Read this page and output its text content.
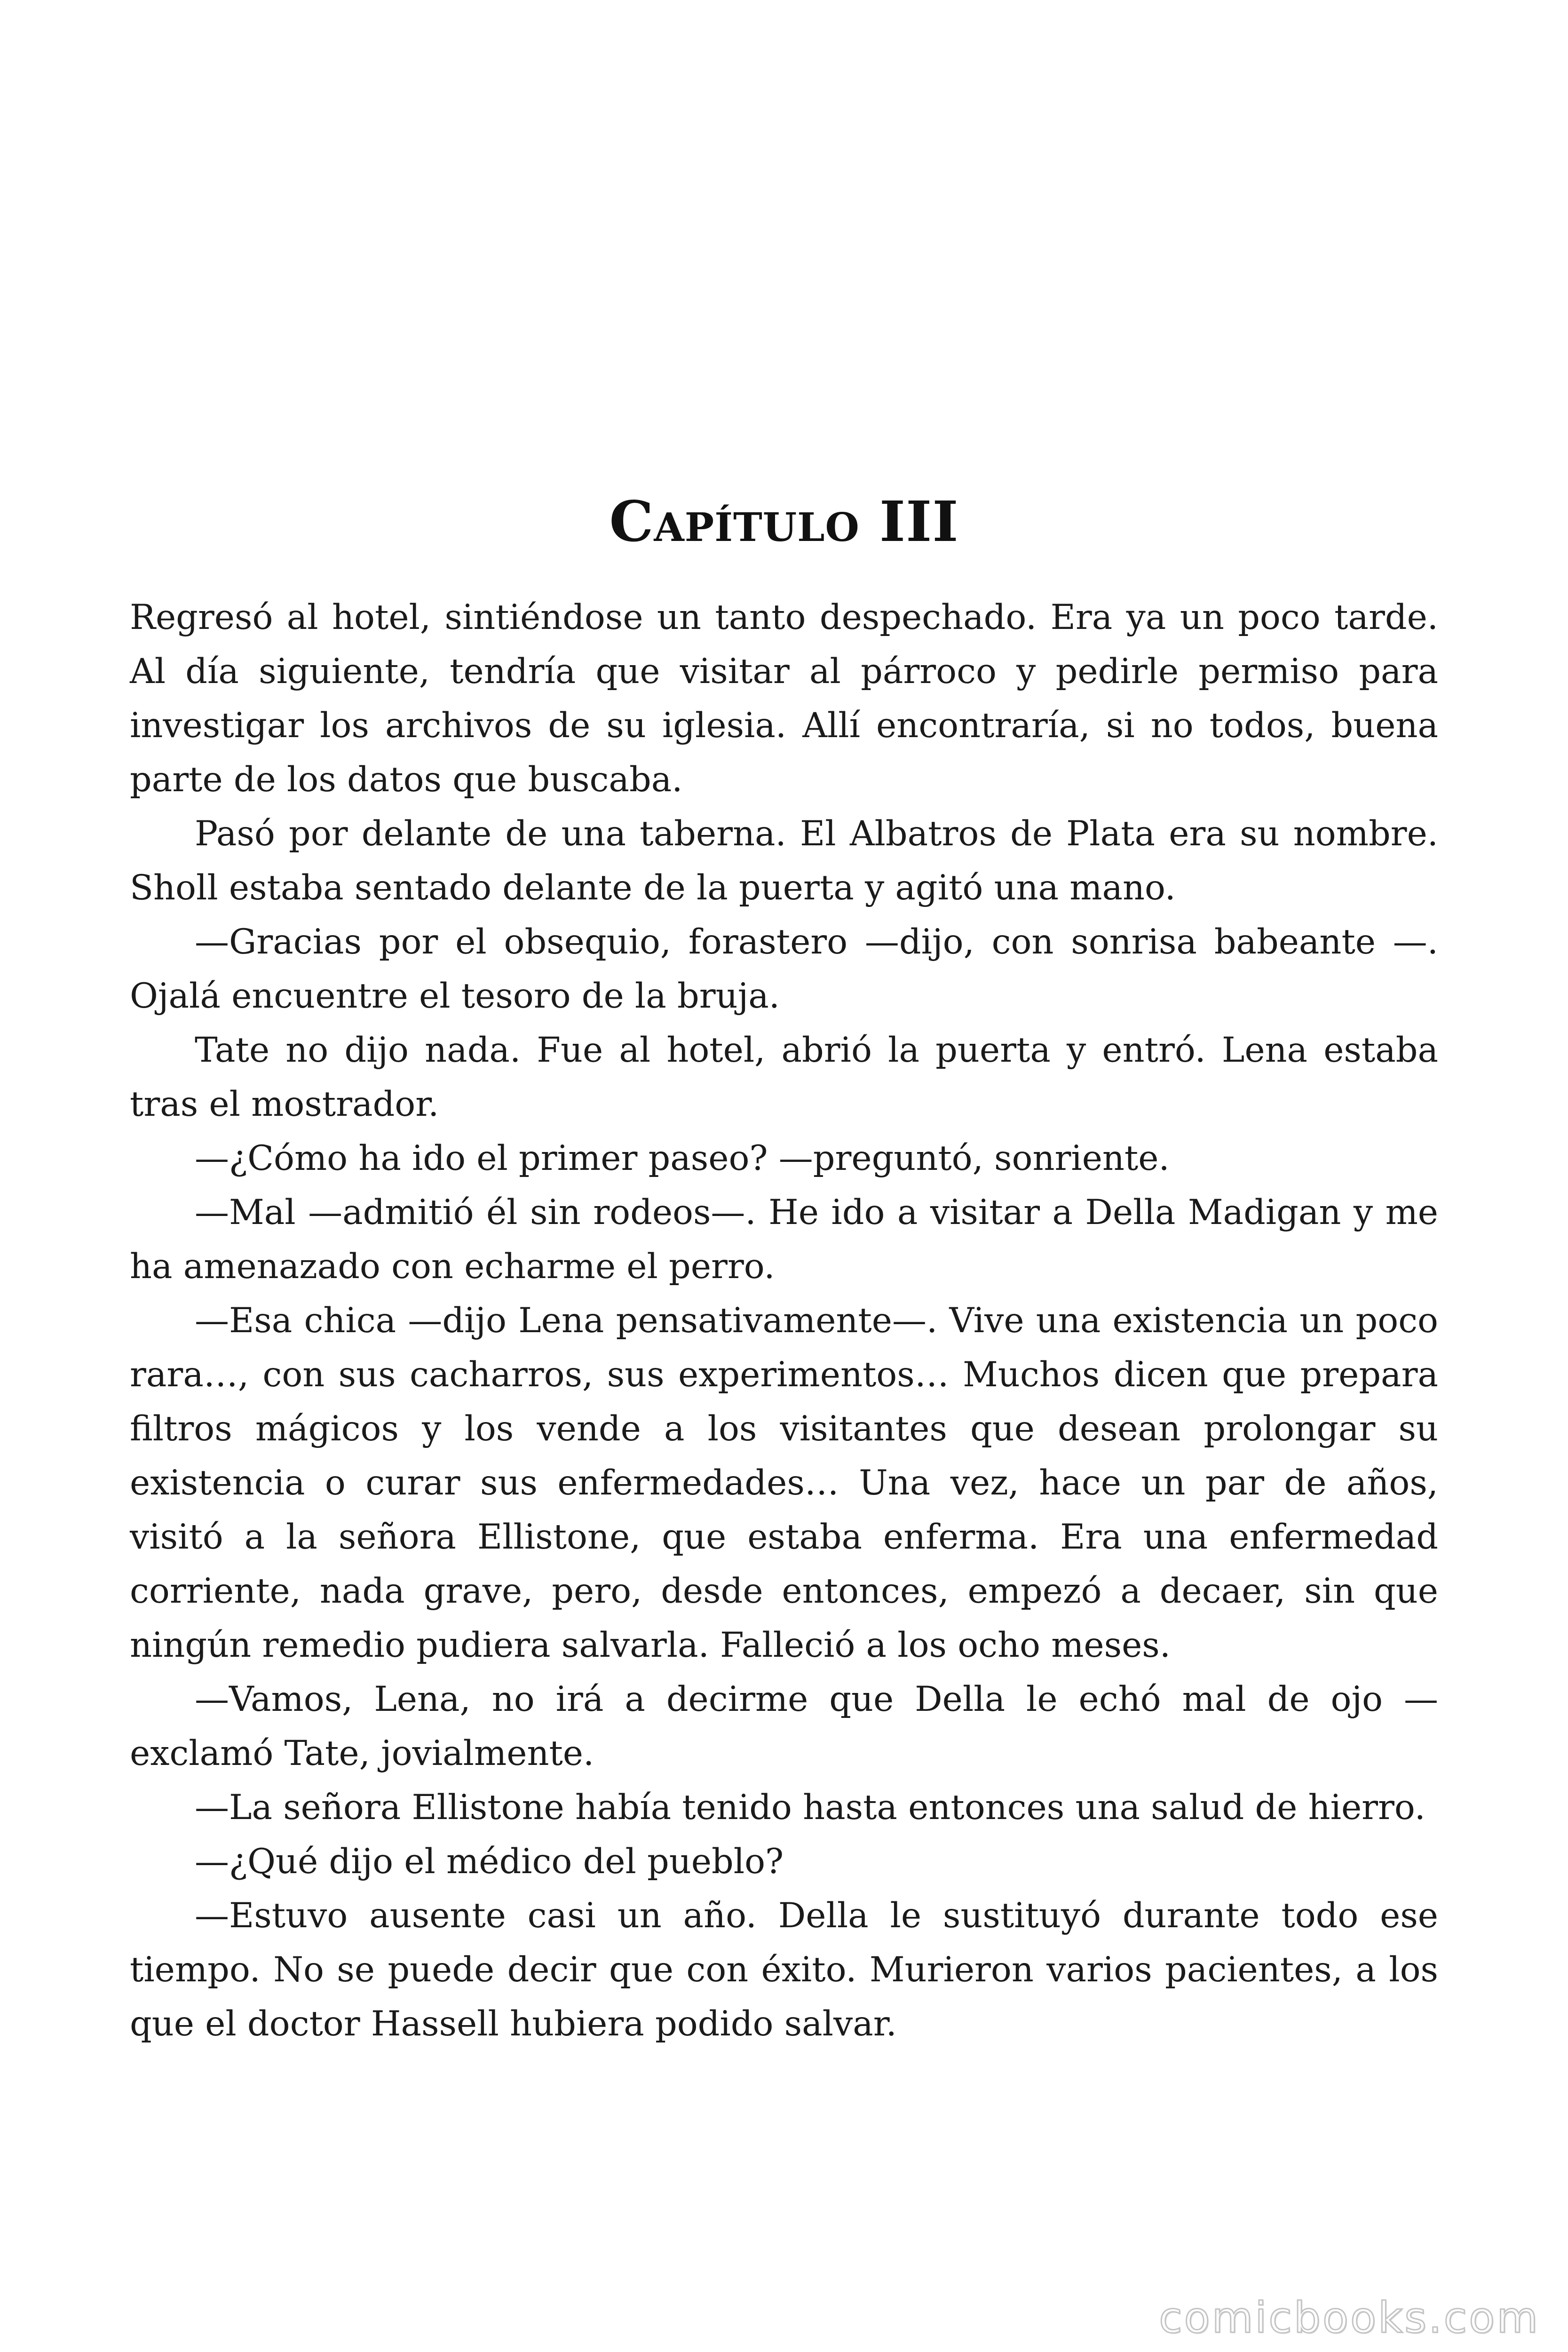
Capítulo III

Regresó al hotel, sintiéndose un tanto despechado. Era ya un poco tarde. Al día siguiente, tendría que visitar al párroco y pedirle permiso para investigar los archivos de su iglesia. Allí encontraría, si no todos, buena parte de los datos que buscaba.

Pasó por delante de una taberna. El Albatros de Plata era su nombre. Sholl estaba sentado delante de la puerta y agitó una mano.

—Gracias por el obsequio, forastero —dijo, con sonrisa babeante —. Ojalá encuentre el tesoro de la bruja.

Tate no dijo nada. Fue al hotel, abrió la puerta y entró. Lena estaba tras el mostrador.

—¿Cómo ha ido el primer paseo? —preguntó, sonriente.

—Mal —admitió él sin rodeos—. He ido a visitar a Della Madigan y me ha amenazado con echarme el perro.

—Esa chica —dijo Lena pensativamente—. Vive una existencia un poco rara…, con sus cacharros, sus experimentos… Muchos dicen que prepara filtros mágicos y los vende a los visitantes que desean prolongar su existencia o curar sus enfermedades… Una vez, hace un par de años, visitó a la señora Ellistone, que estaba enferma. Era una enfermedad corriente, nada grave, pero, desde entonces, empezó a decaer, sin que ningún remedio pudiera salvarla. Falleció a los ocho meses.

—Vamos, Lena, no irá a decirme que Della le echó mal de ojo — exclamó Tate, jovialmente.

—La señora Ellistone había tenido hasta entonces una salud de hierro.

—¿Qué dijo el médico del pueblo?

—Estuvo ausente casi un año. Della le sustituyó durante todo ese tiempo. No se puede decir que con éxito. Murieron varios pacientes, a los que el doctor Hassell hubiera podido salvar.

comicbooks.com
